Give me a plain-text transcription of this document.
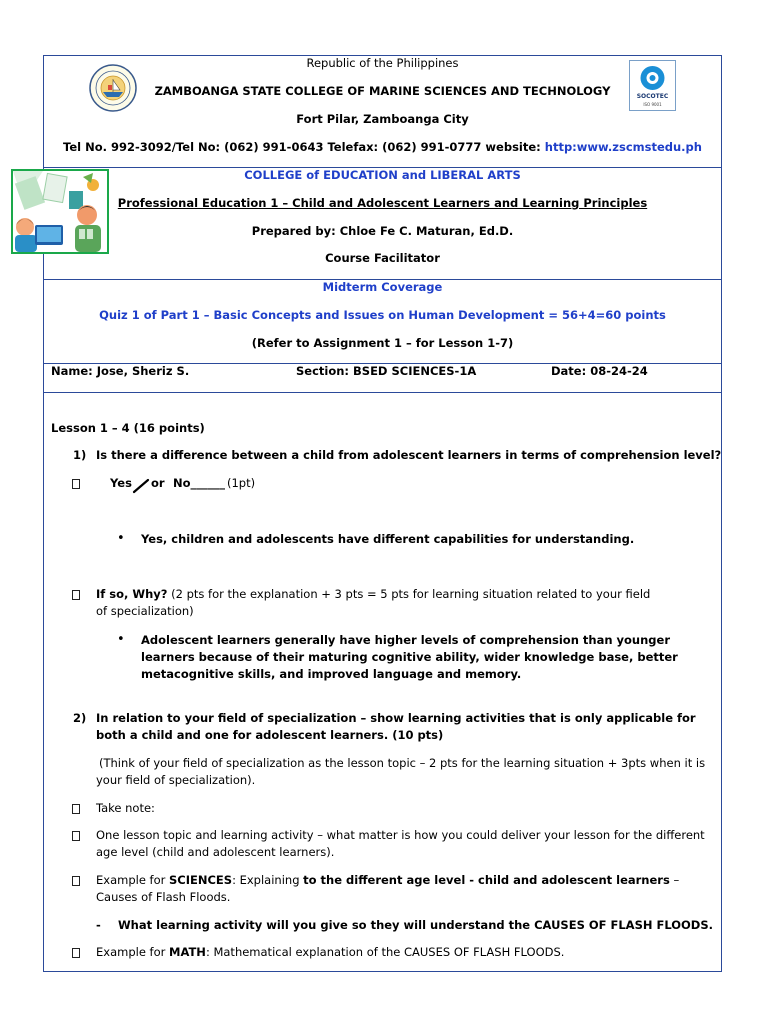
SOCOTEC
ISO 9001
Republic of the Philippines
ZAMBOANGA STATE COLLEGE OF MARINE SCIENCES AND TECHNOLOGY
Fort Pilar, Zamboanga City
Tel No. 992-3092/Tel No: (062) 991-0643 Telefax: (062) 991-0777 website: http:www.zscmstedu.ph
COLLEGE of EDUCATION and LIBERAL ARTS
Professional Education 1 – Child and Adolescent Learners and Learning Principles
Prepared by: Chloe Fe C. Maturan, Ed.D.
Course Facilitator
Midterm Coverage
Quiz 1 of Part 1 – Basic Concepts and Issues on Human Development = 56+4=60 points
(Refer to Assignment 1 – for Lesson 1-7)
Name: Jose, Sheriz S.	Section: BSED SCIENCES-1A	Date: 08-24-24
Lesson 1 – 4 (16 points)
1) Is there a difference between a child from adolescent learners in terms of comprehension level?
Yes or No______ (1pt)
• Yes, children and adolescents have different capabilities for understanding.
If so, Why? (2 pts for the explanation + 3 pts = 5 pts for learning situation related to your field of specialization)
• Adolescent learners generally have higher levels of comprehension than younger learners because of their maturing cognitive ability, wider knowledge base, better metacognitive skills, and improved language and memory.
2) In relation to your field of specialization – show learning activities that is only applicable for both a child and one for adolescent learners. (10 pts)
(Think of your field of specialization as the lesson topic – 2 pts for the learning situation + 3pts when it is your field of specialization).
Take note:
One lesson topic and learning activity – what matter is how you could deliver your lesson for the different age level (child and adolescent learners).
Example for SCIENCES: Explaining to the different age level - child and adolescent learners – Causes of Flash Floods.
- What learning activity will you give so they will understand the CAUSES OF FLASH FLOODS.
Example for MATH: Mathematical explanation of the CAUSES OF FLASH FLOODS.
